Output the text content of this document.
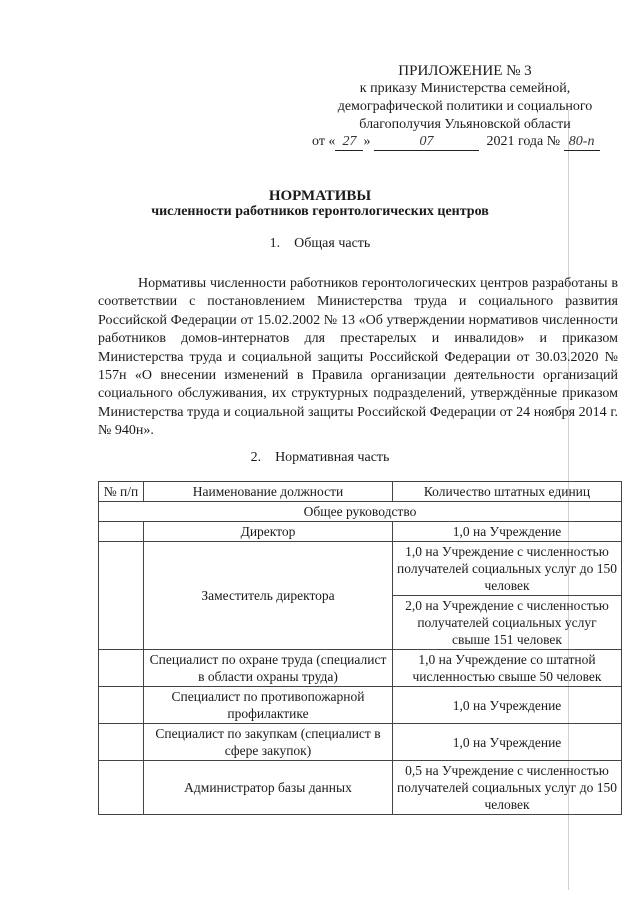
ПРИЛОЖЕНИЕ № 3
к приказу Министерства семейной,
демографической политики и социального
благополучия Ульяновской области
от « 27 »	07	2021 года № 80-п
НОРМАТИВЫ
численности работников геронтологических центров
1.    Общая часть
Нормативы численности работников геронтологических центров разработаны в соответствии с постановлением Министерства труда и социального развития Российской Федерации от 15.02.2002 № 13 «Об утверждении нормативов численности работников домов-интернатов для престарелых и инвалидов» и приказом Министерства труда и социальной защиты Российской Федерации от 30.03.2020 № 157н «О внесении изменений в Правила организации деятельности организаций социального обслуживания, их структурных подразделений, утверждённые приказом Министерства труда и социальной защиты Российской Федерации от 24 ноября 2014 г. № 940н».
2.    Нормативная часть
№ п/п	Наименование должности	Количество штатных единиц
Общее руководство		
	Директор	1,0 на Учреждение
	Заместитель директора	1,0 на Учреждение с численностью получателей социальных услуг до 150 человек
		2,0 на Учреждение с численностью получателей социальных услуг свыше 151 человек
	Специалист по охране труда (специалист в области охраны труда)	1,0 на Учреждение со штатной численностью свыше 50 человек
	Специалист по противопожарной профилактике	1,0 на Учреждение
	Специалист по закупкам (специалист в сфере закупок)	1,0 на Учреждение
	Администратор базы данных	0,5 на Учреждение с численностью получателей социальных услуг до 150 человек
